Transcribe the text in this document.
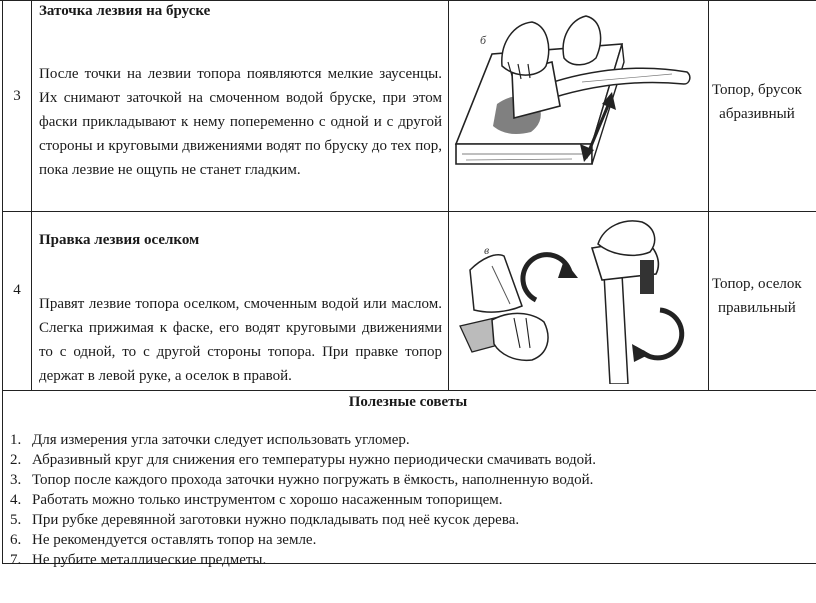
3
Заточка лезвия на бруске
После точки на лезвии топора появляются мелкие заусенцы. Их снимают заточкой на смоченном водой бруске, при этом фаски прикладывают к нему попеременно с одной и с другой стороны и круговыми движениями водят по бруску до тех пор, пока лезвие не ощупь не станет гладким.
б
Топор, брусок
абразивный
4
Правка лезвия оселком
Правят лезвие топора оселком, смоченным водой или маслом. Слегка прижимая к фаске, его водят круговыми движениями то с одной, то с другой стороны топора. При правке топор держат в левой руке, а оселок в правой.
в
Топор, оселок
правильный
Полезные советы
1. Для измерения угла заточки следует использовать угломер.
2. Абразивный круг для снижения его температуры нужно периодически смачивать водой.
3. Топор после каждого прохода заточки нужно погружать в ёмкость, наполненную водой.
4. Работать можно только инструментом с хорошо насаженным топорищем.
5. При рубке деревянной заготовки нужно подкладывать под неё кусок дерева.
6. Не рекомендуется оставлять топор на земле.
7. Не рубите металлические предметы.
